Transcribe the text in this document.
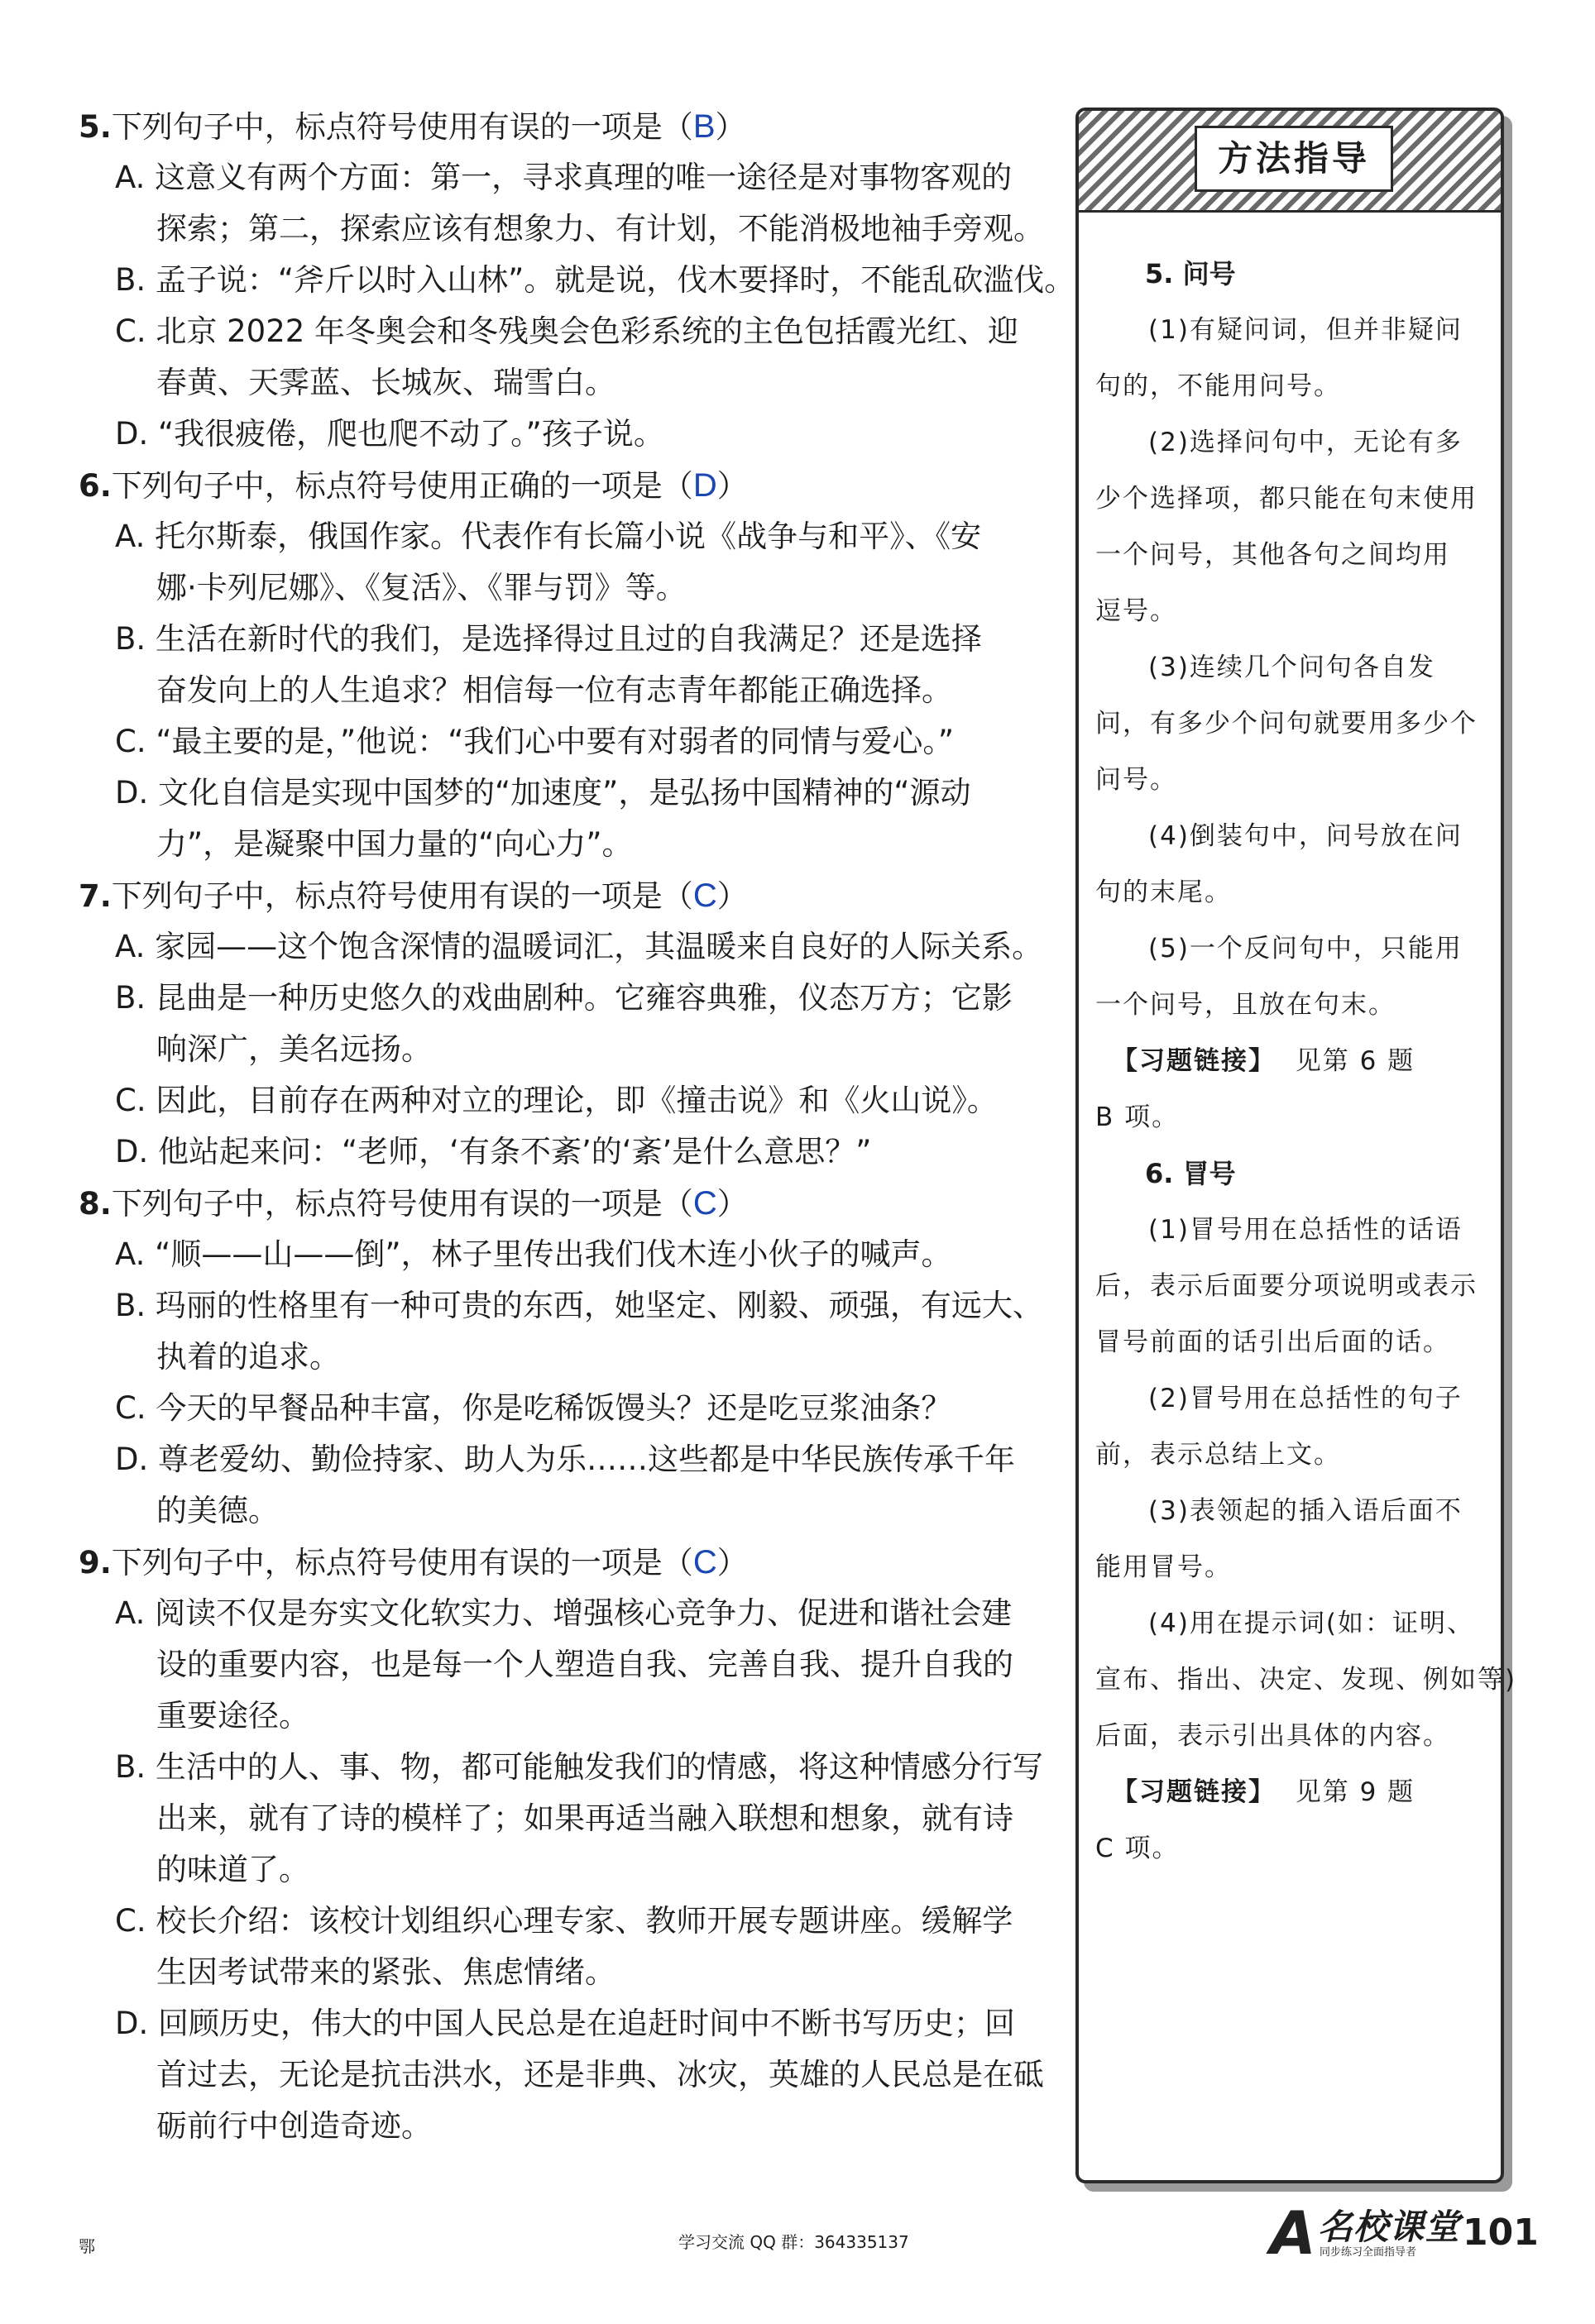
5.下列句子中，标点符号使用有误的一项是（B）
A. 这意义有两个方面：第一，寻求真理的唯一途径是对事物客观的
探索；第二，探索应该有想象力、有计划，不能消极地袖手旁观。
B. 孟子说：“斧斤以时入山林”。就是说，伐木要择时，不能乱砍滥伐。
C. 北京 2022 年冬奥会和冬残奥会色彩系统的主色包括霞光红、迎
春黄、天霁蓝、长城灰、瑞雪白。
D. “我很疲倦，爬也爬不动了。”孩子说。
6.下列句子中，标点符号使用正确的一项是（D）
A. 托尔斯泰，俄国作家。代表作有长篇小说《战争与和平》、《安
娜·卡列尼娜》、《复活》、《罪与罚》等。
B. 生活在新时代的我们，是选择得过且过的自我满足？还是选择
奋发向上的人生追求？相信每一位有志青年都能正确选择。
C. “最主要的是，”他说：“我们心中要有对弱者的同情与爱心。”
D. 文化自信是实现中国梦的“加速度”，是弘扬中国精神的“源动
力”，是凝聚中国力量的“向心力”。
7.下列句子中，标点符号使用有误的一项是（C）
A. 家园——这个饱含深情的温暖词汇，其温暖来自良好的人际关系。
B. 昆曲是一种历史悠久的戏曲剧种。它雍容典雅，仪态万方；它影
响深广，美名远扬。
C. 因此，目前存在两种对立的理论，即《撞击说》和《火山说》。
D. 他站起来问：“老师，‘有条不紊’的‘紊’是什么意思？”
8.下列句子中，标点符号使用有误的一项是（C）
A. “顺——山——倒”，林子里传出我们伐木连小伙子的喊声。
B. 玛丽的性格里有一种可贵的东西，她坚定、刚毅、顽强，有远大、
执着的追求。
C. 今天的早餐品种丰富，你是吃稀饭馒头？还是吃豆浆油条？
D. 尊老爱幼、勤俭持家、助人为乐……这些都是中华民族传承千年
的美德。
9.下列句子中，标点符号使用有误的一项是（C）
A. 阅读不仅是夯实文化软实力、增强核心竞争力、促进和谐社会建
设的重要内容，也是每一个人塑造自我、完善自我、提升自我的
重要途径。
B. 生活中的人、事、物，都可能触发我们的情感，将这种情感分行写
出来，就有了诗的模样了；如果再适当融入联想和想象，就有诗
的味道了。
C. 校长介绍：该校计划组织心理专家、教师开展专题讲座。缓解学
生因考试带来的紧张、焦虑情绪。
D. 回顾历史，伟大的中国人民总是在追赶时间中不断书写历史；回
首过去，无论是抗击洪水，还是非典、冰灾，英雄的人民总是在砥
砺前行中创造奇迹。
方法指导
5. 问号
(1)有疑问词，但并非疑问
句的，不能用问号。
(2)选择问句中，无论有多
少个选择项，都只能在句末使用
一个问号，其他各句之间均用
逗号。
(3)连续几个问句各自发
问，有多少个问句就要用多少个
问号。
(4)倒装句中，问号放在问
句的末尾。
(5)一个反问句中，只能用
一个问号，且放在句末。
【习题链接】 见第 6 题
B 项。
6. 冒号
(1)冒号用在总括性的话语
后，表示后面要分项说明或表示
冒号前面的话引出后面的话。
(2)冒号用在总括性的句子
前，表示总结上文。
(3)表领起的插入语后面不
能用冒号。
(4)用在提示词(如：证明、
宣布、指出、决定、发现、例如等)
后面，表示引出具体的内容。
【习题链接】 见第 9 题
C 项。
鄂	学习交流 QQ 群：364335137	A 名校课堂
同步练习全面指导者 101
